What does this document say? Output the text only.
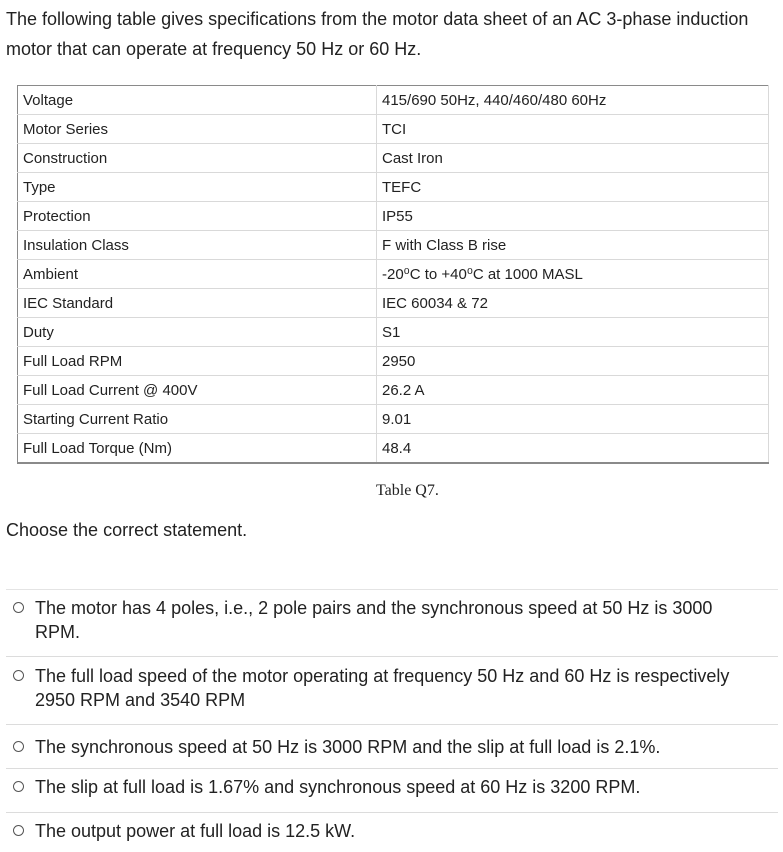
The following table gives specifications from the motor data sheet of an AC 3-phase induction motor that can operate at frequency 50 Hz or 60 Hz.
Voltage	415/690 50Hz, 440/460/480 60Hz
Motor Series	TCI
Construction	Cast Iron
Type	TEFC
Protection	IP55
Insulation Class	F with Class B rise
Ambient	-20⁰C to +40⁰C at 1000 MASL
IEC Standard	IEC 60034 & 72
Duty	S1
Full Load RPM	2950
Full Load Current @ 400V	26.2 A
Starting Current Ratio	9.01
Full Load Torque (Nm)	48.4
Table Q7.
Choose the correct statement.
The motor has 4 poles, i.e., 2 pole pairs and the synchronous speed at 50 Hz is 3000 RPM.
The full load speed of the motor operating at frequency 50 Hz and 60 Hz is respectively 2950 RPM and 3540 RPM
The synchronous speed at 50 Hz is 3000 RPM and the slip at full load is 2.1%.
The slip at full load is 1.67% and synchronous speed at 60 Hz is 3200 RPM.
The output power at full load is 12.5 kW.
